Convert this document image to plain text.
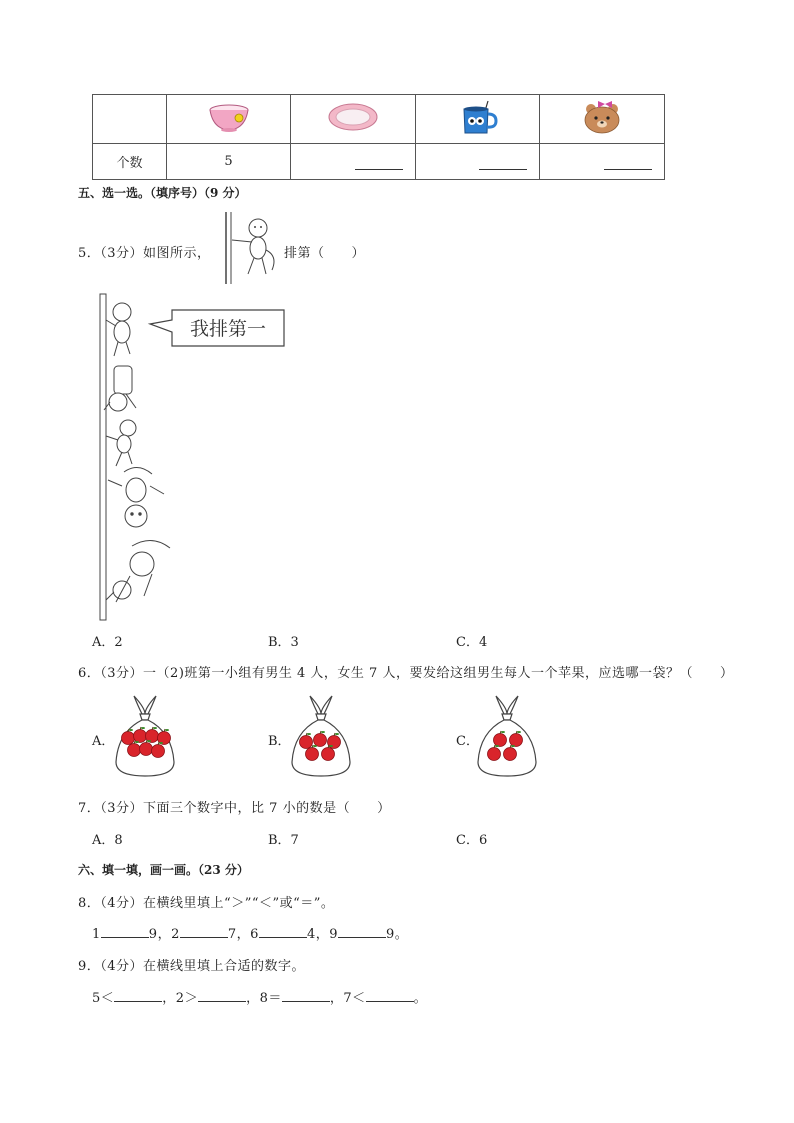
个数	5	

五、选一选。（填序号）（9 分）
5．（3分）如图所示，	排第（　　）
我排第一
A．2	B．3	C．4
6．（3分）一（2)班第一小组有男生 4 人，女生 7 人，要发给这组男生每人一个苹果，应选哪一袋？（　　）
A．	B．	C．
7．（3分）下面三个数字中，比 7 小的数是（　　）
A．8	B．7	C．6
六、填一填，画一画。（23 分）
8．（4分）在横线里填上“＞”“＜”或“＝”。
1	9，2	7，6	4，9	9。
9．（4分）在横线里填上合适的数字。
5＜	，2＞	，8＝	，7＜	。
